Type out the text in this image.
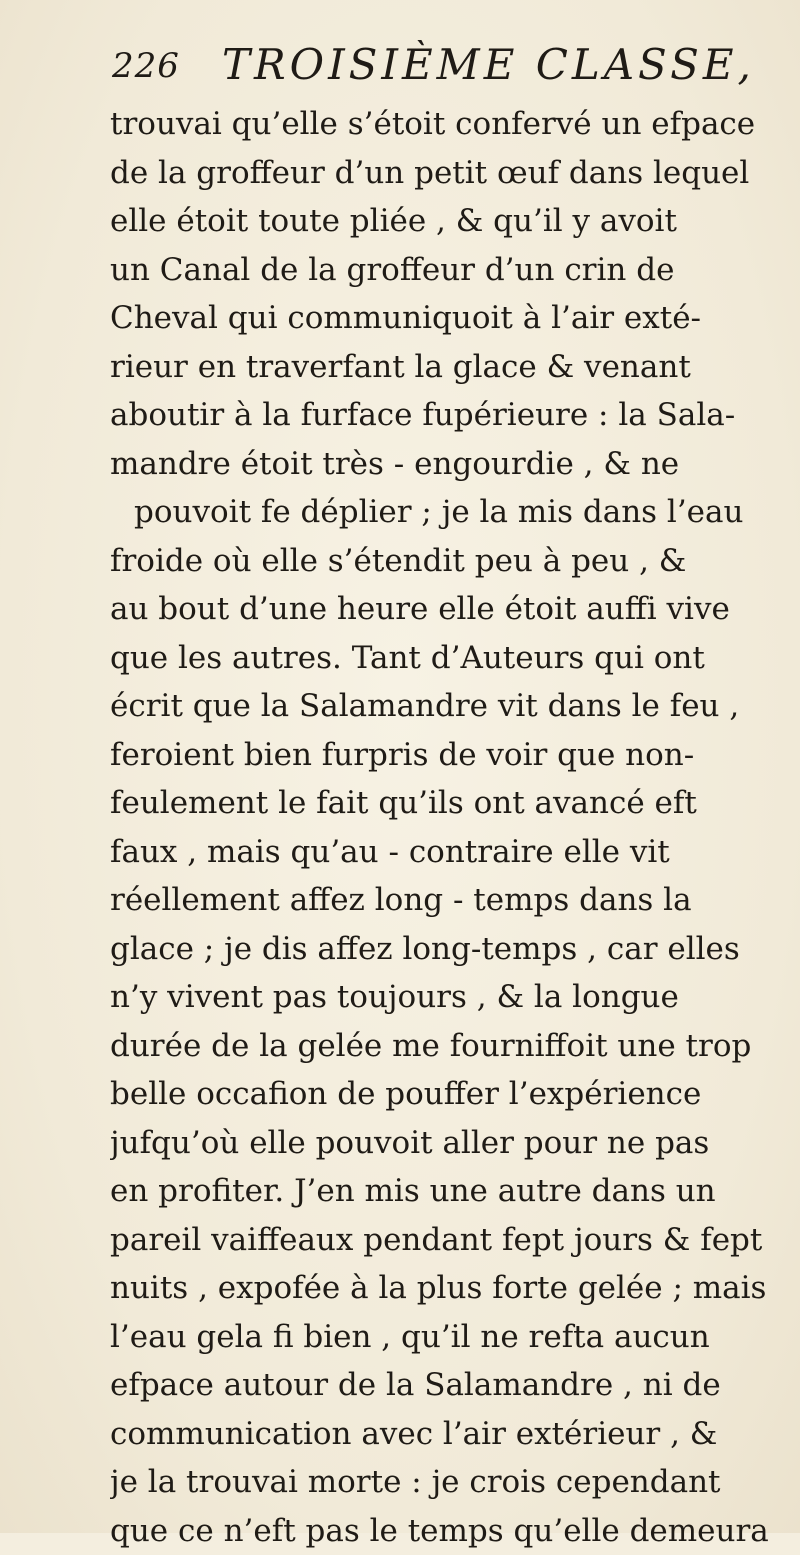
226 TROISIÈME CLASSE,
trouvai qu’elle s’étoit confervé un efpace
de la groffeur d’un petit œuf dans lequel
elle étoit toute pliée , & qu’il y avoit
un Canal de la groffeur d’un crin de
Cheval qui communiquoit à l’air exté-
rieur en traverfant la glace & venant
aboutir à la furface fupérieure : la Sala-
mandre étoit très - engourdie , & ne
pouvoit fe déplier ; je la mis dans l’eau
froide où elle s’étendit peu à peu , &
au bout d’une heure elle étoit auffi vive
que les autres. Tant d’Auteurs qui ont
écrit que la Salamandre vit dans le feu ,
feroient bien furpris de voir que non-
feulement le fait qu’ils ont avancé eft
faux , mais qu’au - contraire elle vit
réellement affez long - temps dans la
glace ; je dis affez long-temps , car elles
n’y vivent pas toujours , & la longue
durée de la gelée me fourniffoit une trop
belle occafion de pouffer l’expérience
jufqu’où elle pouvoit aller pour ne pas
en profiter. J’en mis une autre dans un
pareil vaiffeaux pendant fept jours & fept
nuits , expofée à la plus forte gelée ; mais
l’eau gela fi bien , qu’il ne refta aucun
efpace autour de la Salamandre , ni de
communication avec l’air extérieur , &
je la trouvai morte : je crois cependant
que ce n’eft pas le temps qu’elle demeura
